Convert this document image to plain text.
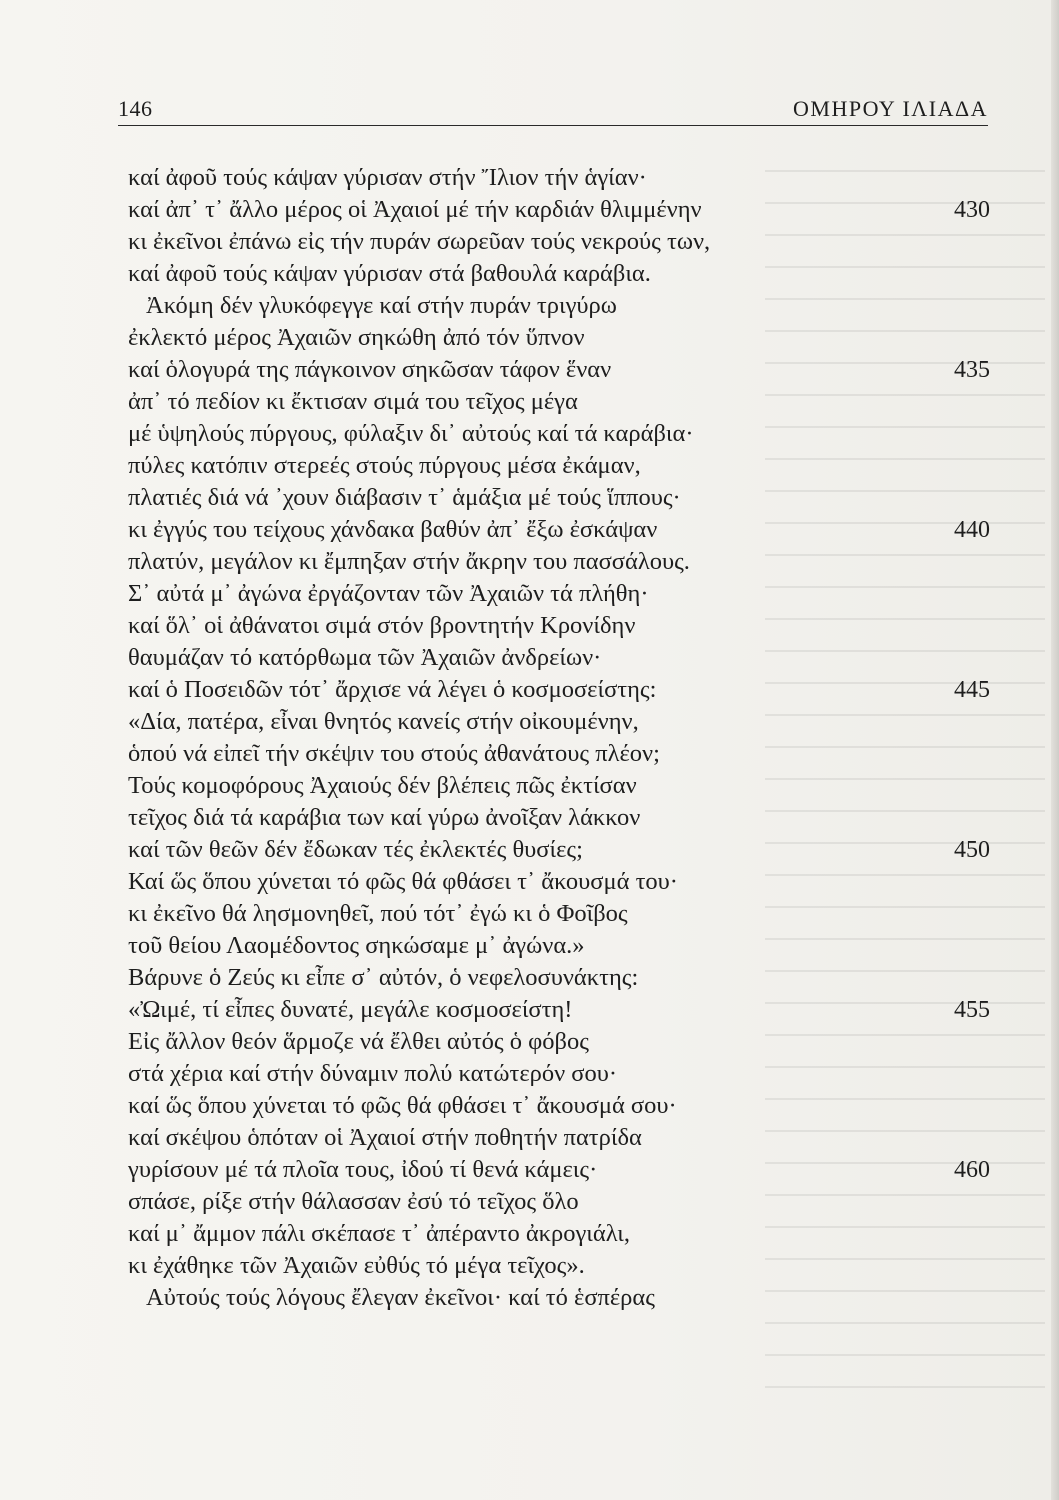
146	ΟΜΗΡΟΥ ΙΛΙΑΔΑ
καί ἀφοῦ τούς κάψαν γύρισαν στήν Ἴλιον τήν ἁγίαν·
καί ἀπ᾽ τ᾽ ἄλλο μέρος οἱ Ἀχαιοί μέ τήν καρδιάν θλιμμένην	430
κι ἐκεῖνοι ἐπάνω εἰς τήν πυράν σωρεῦαν τούς νεκρούς των,
καί ἀφοῦ τούς κάψαν γύρισαν στά βαθουλά καράβια.
Ἀκόμη δέν γλυκόφεγγε καί στήν πυράν τριγύρω
ἐκλεκτό μέρος Ἀχαιῶν σηκώθη ἀπό τόν ὕπνον
καί ὁλογυρά της πάγκοινον σηκῶσαν τάφον ἕναν	435
ἀπ᾽ τό πεδίον κι ἔκτισαν σιμά του τεῖχος μέγα
μέ ὑψηλούς πύργους, φύλαξιν δι᾽ αὐτούς καί τά καράβια·
πύλες κατόπιν στερεές στούς πύργους μέσα ἐκάμαν,
πλατιές διά νά ᾽χουν διάβασιν τ᾽ ἁμάξια μέ τούς ἵππους·
κι ἐγγύς του τείχους χάνδακα βαθύν ἀπ᾽ ἔξω ἐσκάψαν	440
πλατύν, μεγάλον κι ἔμπηξαν στήν ἄκρην του πασσάλους.
Σ᾽ αὐτά μ᾽ ἀγώνα ἐργάζονταν τῶν Ἀχαιῶν τά πλήθη·
καί ὅλ᾽ οἱ ἀθάνατοι σιμά στόν βροντητήν Κρονίδην
θαυμάζαν τό κατόρθωμα τῶν Ἀχαιῶν ἀνδρείων·
καί ὁ Ποσειδῶν τότ᾽ ἄρχισε νά λέγει ὁ κοσμοσείστης:	445
«Δία, πατέρα, εἶναι θνητός κανείς στήν οἰκουμένην,
ὁπού νά εἰπεῖ τήν σκέψιν του στούς ἀθανάτους πλέον;
Τούς κομοφόρους Ἀχαιούς δέν βλέπεις πῶς ἐκτίσαν
τεῖχος διά τά καράβια των καί γύρω ἀνοῖξαν λάκκον
καί τῶν θεῶν δέν ἔδωκαν τές ἐκλεκτές θυσίες;	450
Καί ὥς ὅπου χύνεται τό φῶς θά φθάσει τ᾽ ἄκουσμά του·
κι ἐκεῖνο θά λησμονηθεῖ, πού τότ᾽ ἐγώ κι ὁ Φοῖβος
τοῦ θείου Λαομέδοντος σηκώσαμε μ᾽ ἀγώνα.»
Βάρυνε ὁ Ζεύς κι εἶπε σ᾽ αὐτόν, ὁ νεφελοσυνάκτης:
«Ὠιμέ, τί εἶπες δυνατέ, μεγάλε κοσμοσείστη!	455
Εἰς ἄλλον θεόν ἅρμοζε νά ἔλθει αὐτός ὁ φόβος
στά χέρια καί στήν δύναμιν πολύ κατώτερόν σου·
καί ὥς ὅπου χύνεται τό φῶς θά φθάσει τ᾽ ἄκουσμά σου·
καί σκέψου ὁπόταν οἱ Ἀχαιοί στήν ποθητήν πατρίδα
γυρίσουν μέ τά πλοῖα τους, ἰδού τί θενά κάμεις·	460
σπάσε, ρίξε στήν θάλασσαν ἐσύ τό τεῖχος ὅλο
καί μ᾽ ἄμμον πάλι σκέπασε τ᾽ ἀπέραντο ἀκρογιάλι,
κι ἐχάθηκε τῶν Ἀχαιῶν εὐθύς τό μέγα τεῖχος».
Αὐτούς τούς λόγους ἔλεγαν ἐκεῖνοι· καί τό ἑσπέρας
